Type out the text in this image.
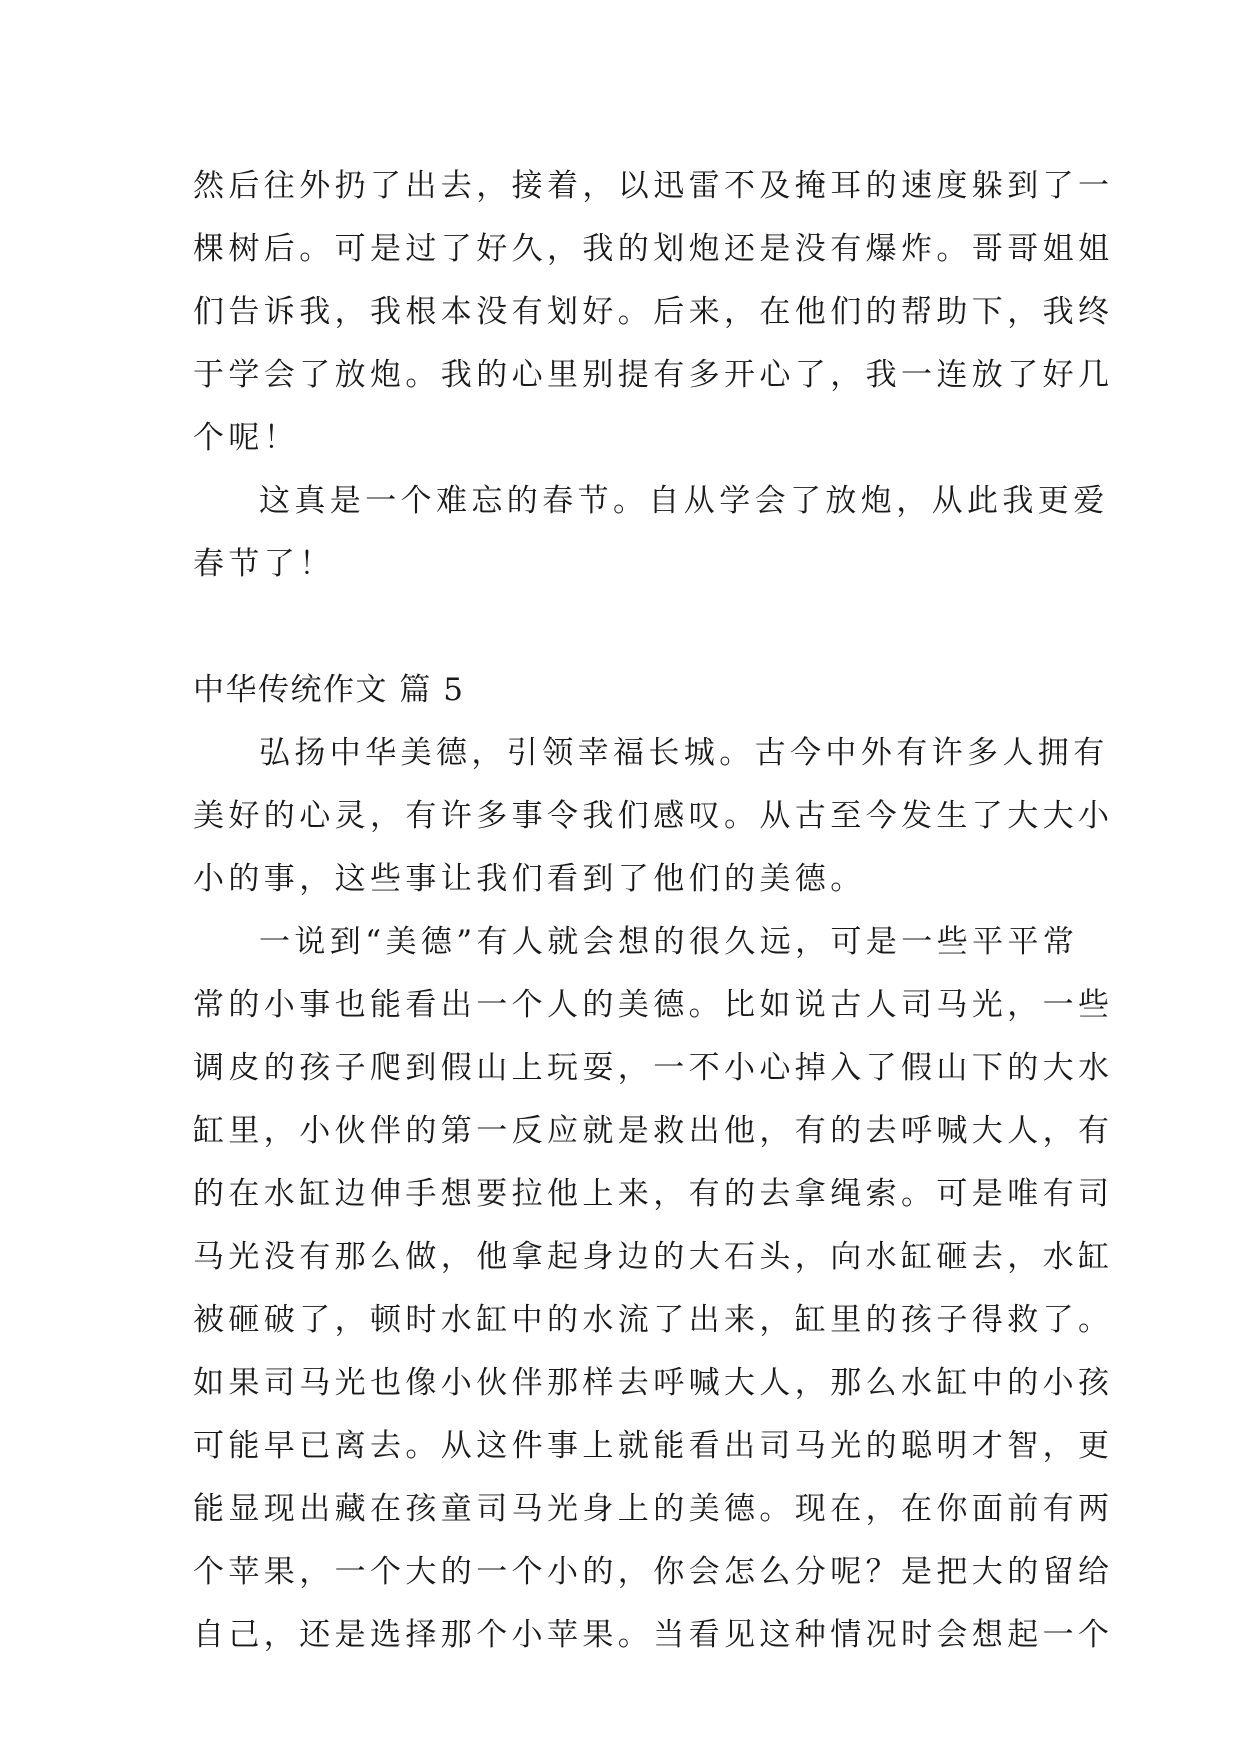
然后往外扔了出去，接着，以迅雷不及掩耳的速度躲到了一
棵树后。可是过了好久，我的划炮还是没有爆炸。哥哥姐姐
们告诉我，我根本没有划好。后来，在他们的帮助下，我终
于学会了放炮。我的心里别提有多开心了，我一连放了好几
个呢！
这真是一个难忘的春节。自从学会了放炮，从此我更爱
春节了！
中华传统作文 篇 5
弘扬中华美德，引领幸福长城。古今中外有许多人拥有
美好的心灵，有许多事令我们感叹。从古至今发生了大大小
小的事，这些事让我们看到了他们的美德。
一说到“美德”有人就会想的很久远，可是一些平平常
常的小事也能看出一个人的美德。比如说古人司马光，一些
调皮的孩子爬到假山上玩耍，一不小心掉入了假山下的大水
缸里，小伙伴的第一反应就是救出他，有的去呼喊大人，有
的在水缸边伸手想要拉他上来，有的去拿绳索。可是唯有司
马光没有那么做，他拿起身边的大石头，向水缸砸去，水缸
被砸破了，顿时水缸中的水流了出来，缸里的孩子得救了。
如果司马光也像小伙伴那样去呼喊大人，那么水缸中的小孩
可能早已离去。从这件事上就能看出司马光的聪明才智，更
能显现出藏在孩童司马光身上的美德。现在，在你面前有两
个苹果，一个大的一个小的，你会怎么分呢？是把大的留给
自己，还是选择那个小苹果。当看见这种情况时会想起一个
